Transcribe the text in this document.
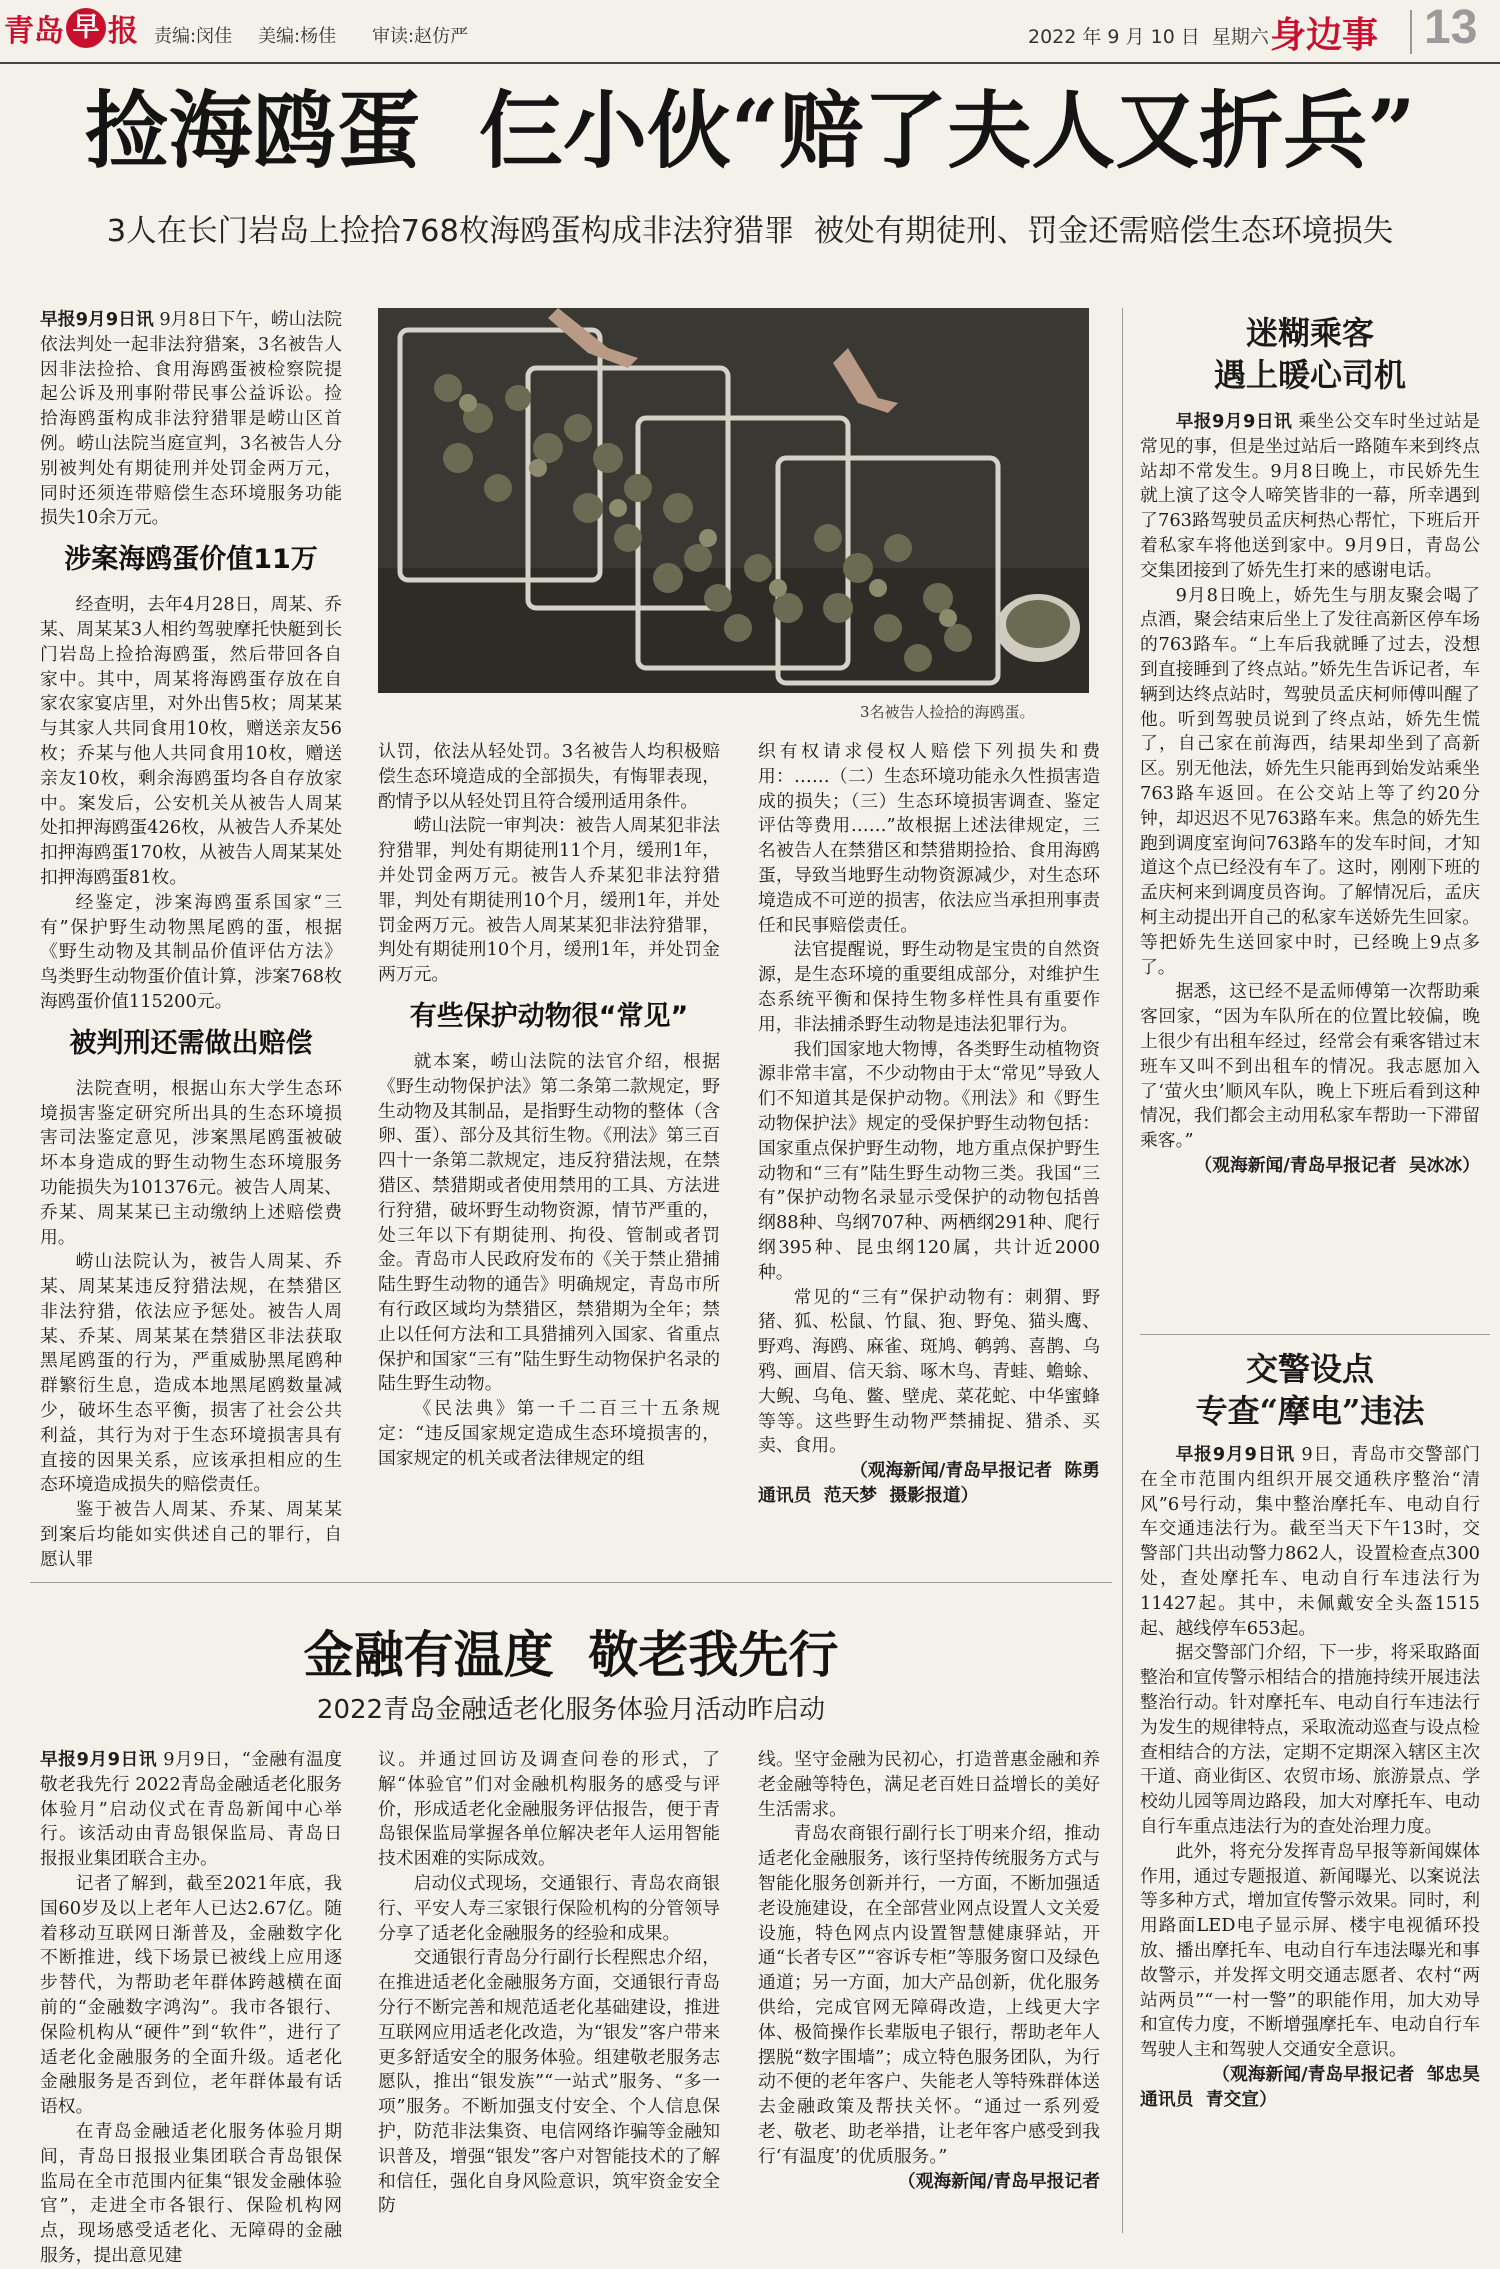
青岛 早 报 责编:闵佳 美编:杨佳 审读:赵仿严	2022 年 9 月 10 日  星期六 身边事 13
捡海鸥蛋  仨小伙“赔了夫人又折兵”
3人在长门岩岛上捡拾768枚海鸥蛋构成非法狩猎罪  被处有期徒刑、罚金还需赔偿生态环境损失
3名被告人捡拾的海鸥蛋。

早报9月9日讯 9月8日下午，崂山法院依法判处一起非法狩猎案，3名被告人因非法捡拾、食用海鸥蛋被检察院提起公诉及刑事附带民事公益诉讼。捡拾海鸥蛋构成非法狩猎罪是崂山区首例。崂山法院当庭宣判，3名被告人分别被判处有期徒刑并处罚金两万元，同时还须连带赔偿生态环境服务功能损失10余万元。

涉案海鸥蛋价值11万

经查明，去年4月28日，周某、乔某、周某某3人相约驾驶摩托快艇到长门岩岛上捡拾海鸥蛋，然后带回各自家中。其中，周某将海鸥蛋存放在自家农家宴店里，对外出售5枚；周某某与其家人共同食用10枚，赠送亲友56枚；乔某与他人共同食用10枚，赠送亲友10枚，剩余海鸥蛋均各自存放家中。案发后，公安机关从被告人周某处扣押海鸥蛋426枚，从被告人乔某处扣押海鸥蛋170枚，从被告人周某某处扣押海鸥蛋81枚。

经鉴定，涉案海鸥蛋系国家“三有”保护野生动物黑尾鸥的蛋，根据《野生动物及其制品价值评估方法》鸟类野生动物蛋价值计算，涉案768枚海鸥蛋价值115200元。

被判刑还需做出赔偿

法院查明，根据山东大学生态环境损害鉴定研究所出具的生态环境损害司法鉴定意见，涉案黑尾鸥蛋被破坏本身造成的野生动物生态环境服务功能损失为101376元。被告人周某、乔某、周某某已主动缴纳上述赔偿费用。

崂山法院认为，被告人周某、乔某、周某某违反狩猎法规，在禁猎区非法狩猎，依法应予惩处。被告人周某、乔某、周某某在禁猎区非法获取黑尾鸥蛋的行为，严重威胁黑尾鸥种群繁衍生息，造成本地黑尾鸥数量减少，破坏生态平衡，损害了社会公共利益，其行为对于生态环境损害具有直接的因果关系，应该承担相应的生态环境造成损失的赔偿责任。

鉴于被告人周某、乔某、周某某到案后均能如实供述自己的罪行，自愿认罪

认罚，依法从轻处罚。3名被告人均积极赔偿生态环境造成的全部损失，有悔罪表现，酌情予以从轻处罚且符合缓刑适用条件。

崂山法院一审判决：被告人周某犯非法狩猎罪，判处有期徒刑11个月，缓刑1年，并处罚金两万元。被告人乔某犯非法狩猎罪，判处有期徒刑10个月，缓刑1年，并处罚金两万元。被告人周某某犯非法狩猎罪，判处有期徒刑10个月，缓刑1年，并处罚金两万元。

有些保护动物很“常见”

就本案，崂山法院的法官介绍，根据《野生动物保护法》第二条第二款规定，野生动物及其制品，是指野生动物的整体（含卵、蛋）、部分及其衍生物。《刑法》第三百四十一条第二款规定，违反狩猎法规，在禁猎区、禁猎期或者使用禁用的工具、方法进行狩猎，破坏野生动物资源，情节严重的，处三年以下有期徒刑、拘役、管制或者罚金。青岛市人民政府发布的《关于禁止猎捕陆生野生动物的通告》明确规定，青岛市所有行政区域均为禁猎区，禁猎期为全年；禁止以任何方法和工具猎捕列入国家、省重点保护和国家“三有”陆生野生动物保护名录的陆生野生动物。

《民法典》第一千二百三十五条规定：“违反国家规定造成生态环境损害的，国家规定的机关或者法律规定的组

织有权请求侵权人赔偿下列损失和费用：……（二）生态环境功能永久性损害造成的损失；（三）生态环境损害调查、鉴定评估等费用……”故根据上述法律规定，三名被告人在禁猎区和禁猎期捡拾、食用海鸥蛋，导致当地野生动物资源减少，对生态环境造成不可逆的损害，依法应当承担刑事责任和民事赔偿责任。

法官提醒说，野生动物是宝贵的自然资源，是生态环境的重要组成部分，对维护生态系统平衡和保持生物多样性具有重要作用，非法捕杀野生动物是违法犯罪行为。

我们国家地大物博，各类野生动植物资源非常丰富，不少动物由于太“常见”导致人们不知道其是保护动物。《刑法》和《野生动物保护法》规定的受保护野生动物包括：国家重点保护野生动物，地方重点保护野生动物和“三有”陆生野生动物三类。我国“三有”保护动物名录显示受保护的动物包括兽纲88种、鸟纲707种、两栖纲291种、爬行纲395种、昆虫纲120属，共计近2000种。

常见的“三有”保护动物有：刺猬、野猪、狐、松鼠、竹鼠、狍、野兔、猫头鹰、野鸡、海鸥、麻雀、斑鸠、鹌鹑、喜鹊、乌鸦、画眉、信天翁、啄木鸟、青蛙、蟾蜍、大鲵、乌龟、鳖、壁虎、菜花蛇、中华蜜蜂等等。这些野生动物严禁捕捉、猎杀、买卖、食用。

（观海新闻/青岛早报记者  陈勇

通讯员  范天梦  摄影报道）

迷糊乘客
遇上暖心司机

早报9月9日讯 乘坐公交车时坐过站是常见的事，但是坐过站后一路随车来到终点站却不常发生。9月8日晚上，市民娇先生就上演了这令人啼笑皆非的一幕，所幸遇到了763路驾驶员孟庆柯热心帮忙，下班后开着私家车将他送到家中。9月9日，青岛公交集团接到了娇先生打来的感谢电话。

9月8日晚上，娇先生与朋友聚会喝了点酒，聚会结束后坐上了发往高新区停车场的763路车。“上车后我就睡了过去，没想到直接睡到了终点站。”娇先生告诉记者，车辆到达终点站时，驾驶员孟庆柯师傅叫醒了他。听到驾驶员说到了终点站，娇先生慌了，自己家在前海西，结果却坐到了高新区。别无他法，娇先生只能再到始发站乘坐763路车返回。在公交站上等了约20分钟，却迟迟不见763路车来。焦急的娇先生跑到调度室询问763路车的发车时间，才知道这个点已经没有车了。这时，刚刚下班的孟庆柯来到调度员咨询。了解情况后，孟庆柯主动提出开自己的私家车送娇先生回家。等把娇先生送回家中时，已经晚上9点多了。

据悉，这已经不是孟师傅第一次帮助乘客回家，“因为车队所在的位置比较偏，晚上很少有出租车经过，经常会有乘客错过末班车又叫不到出租车的情况。我志愿加入了‘萤火虫’顺风车队，晚上下班后看到这种情况，我们都会主动用私家车帮助一下滞留乘客。”

（观海新闻/青岛早报记者  吴冰冰）

交警设点
专查“摩电”违法

早报9月9日讯 9日，青岛市交警部门在全市范围内组织开展交通秩序整治“清风”6号行动，集中整治摩托车、电动自行车交通违法行为。截至当天下午13时，交警部门共出动警力862人，设置检查点300处，查处摩托车、电动自行车违法行为11427起。其中，未佩戴安全头盔1515起、越线停车653起。

据交警部门介绍，下一步，将采取路面整治和宣传警示相结合的措施持续开展违法整治行动。针对摩托车、电动自行车违法行为发生的规律特点，采取流动巡查与设点检查相结合的方法，定期不定期深入辖区主次干道、商业街区、农贸市场、旅游景点、学校幼儿园等周边路段，加大对摩托车、电动自行车重点违法行为的查处治理力度。

此外，将充分发挥青岛早报等新闻媒体作用，通过专题报道、新闻曝光、以案说法等多种方式，增加宣传警示效果。同时，利用路面LED电子显示屏、楼宇电视循环投放、播出摩托车、电动自行车违法曝光和事故警示，并发挥文明交通志愿者、农村“两站两员”“一村一警”的职能作用，加大劝导和宣传力度，不断增强摩托车、电动自行车驾驶人主和驾驶人交通安全意识。

（观海新闻/青岛早报记者  邹忠昊

通讯员  青交宣）

金融有温度  敬老我先行
2022青岛金融适老化服务体验月活动昨启动

早报9月9日讯 9月9日，“金融有温度 敬老我先行 2022青岛金融适老化服务体验月”启动仪式在青岛新闻中心举行。该活动由青岛银保监局、青岛日报报业集团联合主办。

记者了解到，截至2021年底，我国60岁及以上老年人已达2.67亿。随着移动互联网日渐普及，金融数字化不断推进，线下场景已被线上应用逐步替代，为帮助老年群体跨越横在面前的“金融数字鸿沟”。我市各银行、保险机构从“硬件”到“软件”，进行了适老化金融服务的全面升级。适老化金融服务是否到位，老年群体最有话语权。

在青岛金融适老化服务体验月期间，青岛日报报业集团联合青岛银保监局在全市范围内征集“银发金融体验官”，走进全市各银行、保险机构网点，现场感受适老化、无障碍的金融服务，提出意见建

议。并通过回访及调查问卷的形式，了解“体验官”们对金融机构服务的感受与评价，形成适老化金融服务评估报告，便于青岛银保监局掌握各单位解决老年人运用智能技术困难的实际成效。

启动仪式现场，交通银行、青岛农商银行、平安人寿三家银行保险机构的分管领导分享了适老化金融服务的经验和成果。

交通银行青岛分行副行长程熙忠介绍，在推进适老化金融服务方面，交通银行青岛分行不断完善和规范适老化基础建设，推进互联网应用适老化改造，为“银发”客户带来更多舒适安全的服务体验。组建敬老服务志愿队，推出“银发族”“一站式”服务、“多一项”服务。不断加强支付安全、个人信息保护，防范非法集资、电信网络诈骗等金融知识普及，增强“银发”客户对智能技术的了解和信任，强化自身风险意识，筑牢资金安全防

线。坚守金融为民初心，打造普惠金融和养老金融等特色，满足老百姓日益增长的美好生活需求。

青岛农商银行副行长丁明来介绍，推动适老化金融服务，该行坚持传统服务方式与智能化服务创新并行，一方面，不断加强适老设施建设，在全部营业网点设置人文关爱设施，特色网点内设置智慧健康驿站，开通“长者专区”“容诉专柜”等服务窗口及绿色通道；另一方面，加大产品创新，优化服务供给，完成官网无障碍改造，上线更大字体、极简操作长辈版电子银行，帮助老年人摆脱“数字围墙”；成立特色服务团队，为行动不便的老年客户、失能老人等特殊群体送去金融政策及帮扶关怀。“通过一系列爱老、敬老、助老举措，让老年客户感受到我行‘有温度’的优质服务。”

（观海新闻/青岛早报记者
